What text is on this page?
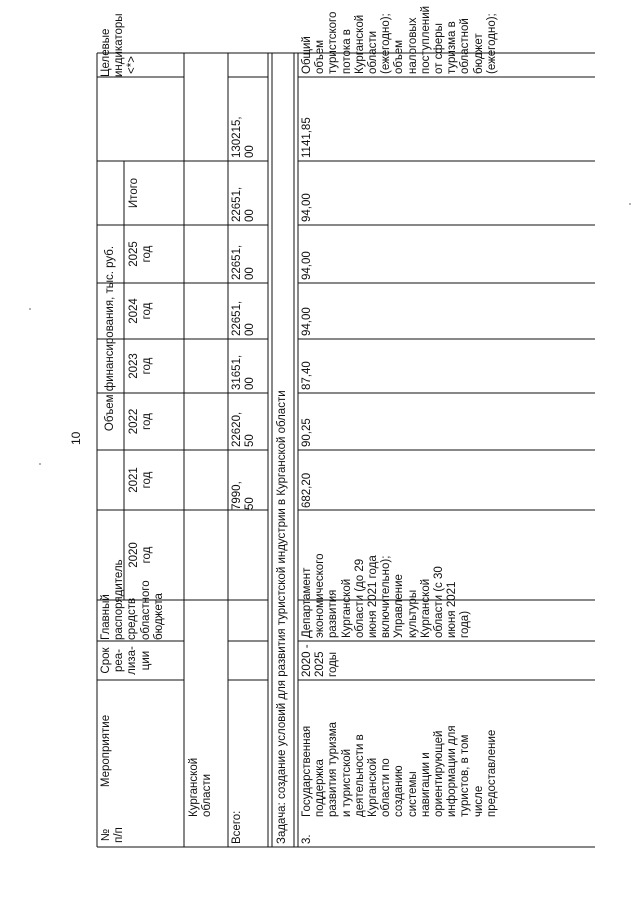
10
№
п/п
Мероприятие
Срок
реа-
лиза-
ции
Главный
распорядитель
средств
областного
бюджета
Объем финансирования, тыс. руб.
Целевые
индикаторы
<*>
2020
год
2021
год
2022
год
2023
год
2024
год
2025
год
Итого
Курганской
области
Всего:
7990,
50
22620,
50
31651,
00
22651,
00
22651,
00
22651,
00
130215,
00
Задача: создание условий для развития туристской индустрии в Курганской области 3.
Государственная
поддержка
развития туризма
и туристской
деятельности в
Курганской
области по
созданию
системы
навигации и
ориентирующей
информации для
туристов, в том
числе
предоставление
2020 -
2025
годы
Департамент
экономического
развития
Курганской
области (до 29
июня 2021 года
включительно);
Управление
культуры
Курганской
области (с 30
июня 2021
года)
682,20
90,25
87,40
94,00
94,00
94,00
1141,85
Общий
объем
туристского
потока в
Курганской
области
(ежегодно);
объем
налоговых
поступлений
от сферы
туризма в
областной
бюджет
(ежегодно);
